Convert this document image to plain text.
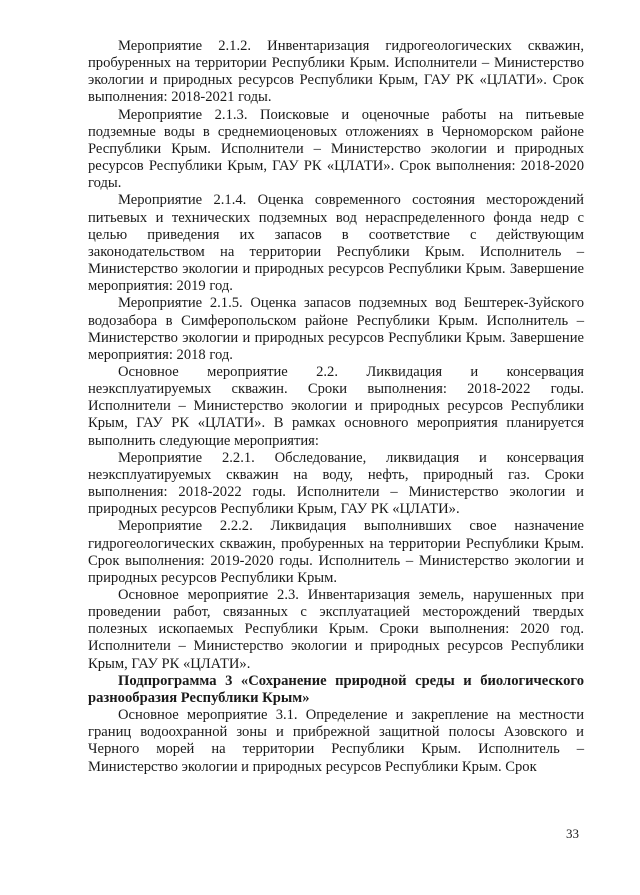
Мероприятие 2.1.2. Инвентаризация гидрогеологических скважин, пробуренных на территории Республики Крым. Исполнители – Министерство экологии и природных ресурсов Республики Крым, ГАУ РК «ЦЛАТИ». Срок выполнения: 2018-2021 годы.

Мероприятие 2.1.3. Поисковые и оценочные работы на питьевые подземные воды в среднемиоценовых отложениях в Черноморском районе Республики Крым. Исполнители – Министерство экологии и природных ресурсов Республики Крым, ГАУ РК «ЦЛАТИ». Срок выполнения: 2018-2020 годы.

Мероприятие 2.1.4. Оценка современного состояния месторождений питьевых и технических подземных вод нераспределенного фонда недр с целью приведения их запасов в соответствие с действующим законодательством на территории Республики Крым. Исполнитель – Министерство экологии и природных ресурсов Республики Крым. Завершение мероприятия: 2019 год.

Мероприятие 2.1.5. Оценка запасов подземных вод Бештерек-Зуйского водозабора в Симферопольском районе Республики Крым. Исполнитель – Министерство экологии и природных ресурсов Республики Крым. Завершение мероприятия: 2018 год.

Основное мероприятие 2.2. Ликвидация и консервация неэксплуатируемых скважин. Сроки выполнения: 2018-2022 годы. Исполнители – Министерство экологии и природных ресурсов Республики Крым, ГАУ РК «ЦЛАТИ». В рамках основного мероприятия планируется выполнить следующие мероприятия:

Мероприятие 2.2.1. Обследование, ликвидация и консервация неэксплуатируемых скважин на воду, нефть, природный газ. Сроки выполнения: 2018-2022 годы. Исполнители – Министерство экологии и природных ресурсов Республики Крым, ГАУ РК «ЦЛАТИ».

Мероприятие 2.2.2. Ликвидация выполнивших свое назначение гидрогеологических скважин, пробуренных на территории Республики Крым. Срок выполнения: 2019-2020 годы. Исполнитель – Министерство экологии и природных ресурсов Республики Крым.

Основное мероприятие 2.3. Инвентаризация земель, нарушенных при проведении работ, связанных с эксплуатацией месторождений твердых полезных ископаемых Республики Крым. Сроки выполнения: 2020 год. Исполнители – Министерство экологии и природных ресурсов Республики Крым, ГАУ РК «ЦЛАТИ».

Подпрограмма 3 «Сохранение природной среды и биологического разнообразия Республики Крым»

Основное мероприятие 3.1. Определение и закрепление на местности границ водоохранной зоны и прибрежной защитной полосы Азовского и Черного морей на территории Республики Крым. Исполнитель – Министерство экологии и природных ресурсов Республики Крым. Срок

33
